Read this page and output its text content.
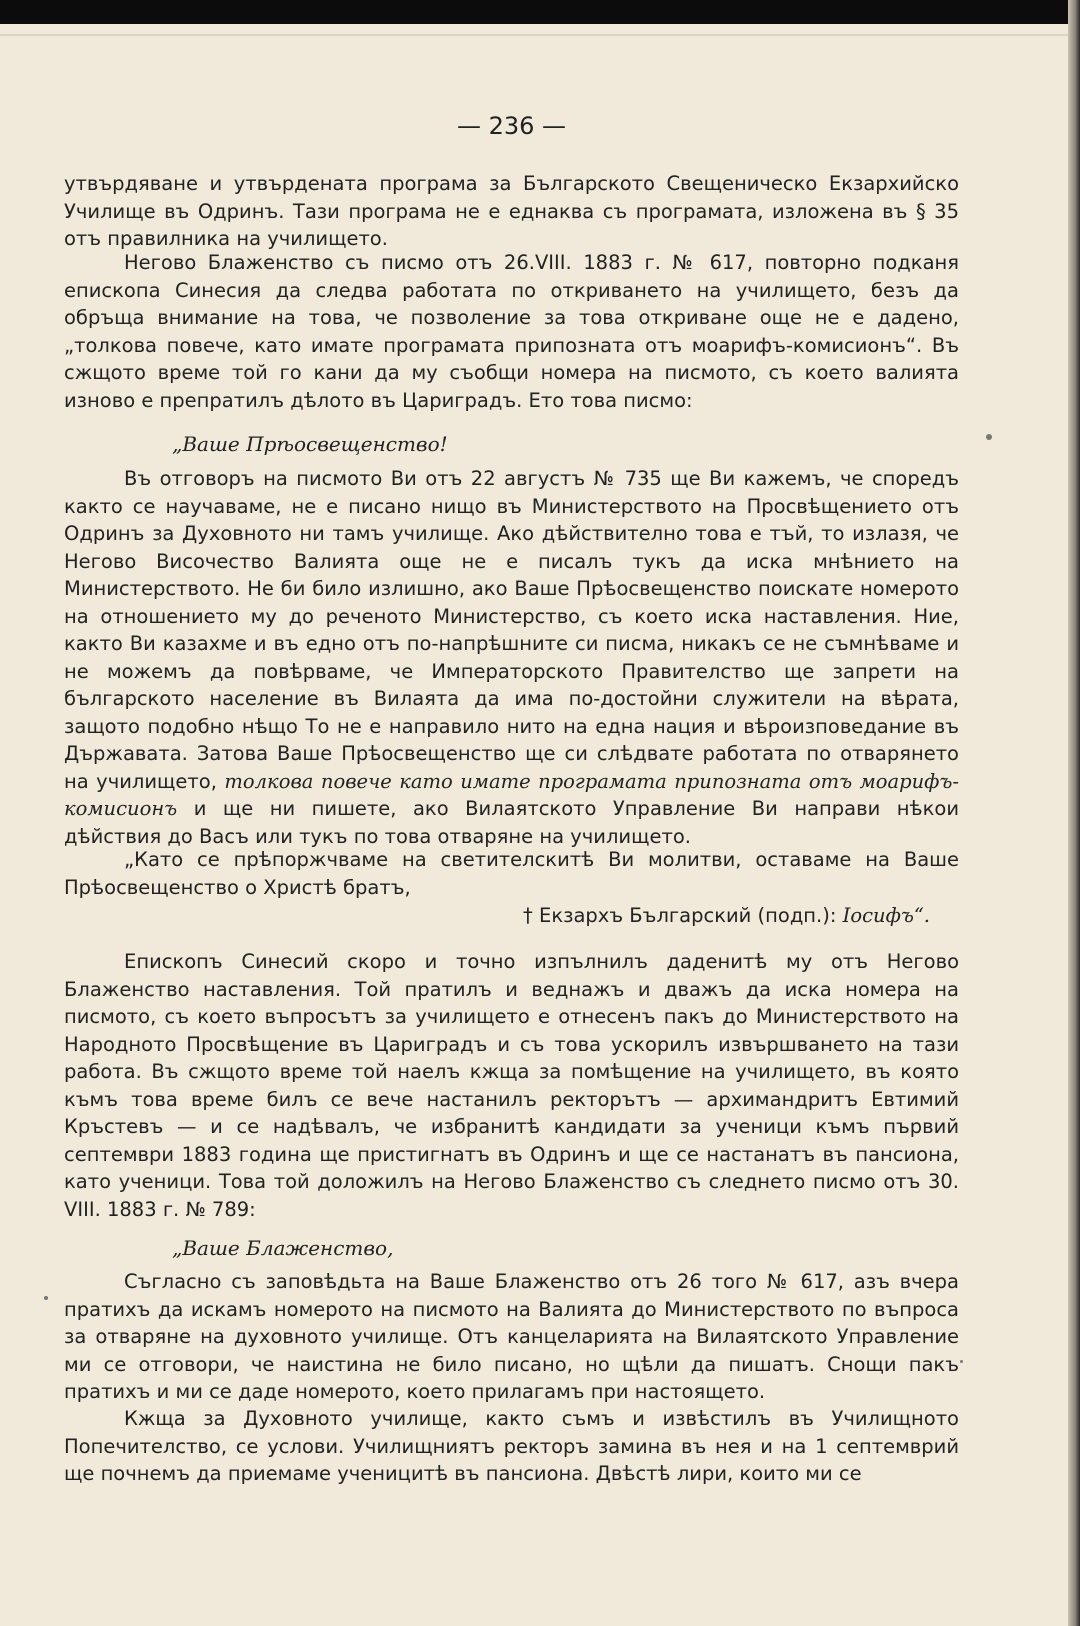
— 236 —

утвърдяване и утвърдената програма за Българското Свещеническо Екзархийско Училище въ Одринъ. Тази програма не е еднаква съ програмата, изложена въ § 35 отъ правилника на училището.

Негово Блаженство съ писмо отъ 26.VIII. 1883 г. № 617, повторно подканя епископа Синесия да следва работата по откриването на училището, безъ да обръща внимание на това, че позволение за това откриване още не е дадено, „толкова повече, като имате програмата припозната отъ моарифъ-комисионъ“. Въ сжщото време той го кани да му съобщи номера на писмото, съ което валията изново е препратилъ дѣлото въ Цариградъ. Ето това писмо:

„Ваше Прѣосвещенство!

Въ отговоръ на писмото Ви отъ 22 августъ № 735 ще Ви кажемъ, че споредъ както се научаваме, не е писано нищо въ Министерството на Просвѣщението отъ Одринъ за Духовното ни тамъ училище. Ако дѣйствително това е тъй, то излазя, че Негово Височество Валията още не е писалъ тукъ да иска мнѣнието на Министерството. Не би било излишно, ако Ваше Прѣосвещенство поискате номерото на отношението му до реченото Министерство, съ което иска наставления. Ние, както Ви казахме и въ едно отъ по-напрѣшните си писма, никакъ се не съмнѣваме и не можемъ да повѣрваме, че Императорското Правителство ще запрети на българското население въ Вилаята да има по-достойни служители на вѣрата, защото подобно нѣщо То не е направило нито на една нация и вѣроизповедание въ Държавата. Затова Ваше Прѣосвещенство ще си слѣдвате работата по отварянето на училището, толкова повече като имате програмата припозната отъ моарифъ-комисионъ и ще ни пишете, ако Вилаятското Управление Ви направи нѣкои дѣйствия до Васъ или тукъ по това отваряне на училището.

„Като се прѣпоржчваме на светителскитѣ Ви молитви, оставаме на Ваше Прѣосвещенство о Христѣ братъ,

† Екзархъ Българский (подп.): Іосифъ“.

Епископъ Синесий скоро и точно изпълнилъ даденитѣ му отъ Негово Блаженство наставления. Той пратилъ и веднажъ и дважъ да иска номера на писмото, съ което въпросътъ за училището е отнесенъ пакъ до Министерството на Народното Просвѣщение въ Цариградъ и съ това ускорилъ извършването на тази работа. Въ сжщото време той наелъ кжща за помѣщение на училището, въ която къмъ това време билъ се вече настанилъ ректорътъ — архимандритъ Евтимий Кръстевъ — и се надѣвалъ, че избранитѣ кандидати за ученици къмъ първий септември 1883 година ще пристигнатъ въ Одринъ и ще се настанатъ въ пансиона, като ученици. Това той доложилъ на Негово Блаженство съ следнето писмо отъ 30. VIII. 1883 г. № 789:

„Ваше Блаженство,

Съгласно съ заповѣдьта на Ваше Блаженство отъ 26 того № 617, азъ вчера пратихъ да искамъ номерото на писмото на Валията до Министерството по въпроса за отваряне на духовното училище. Отъ канцеларията на Вилаятското Управление ми се отговори, че наистина не било писано, но щѣли да пишатъ. Снощи пакъ пратихъ и ми се даде номерото, което прилагамъ при настоящето.

Кжща за Духовното училище, както съмъ и извѣстилъ въ Училищното Попечителство, се услови. Училищниятъ ректоръ замина въ нея и на 1 септемврий ще почнемъ да приемаме ученицитѣ въ пансиона. Двѣстѣ лири, които ми се
